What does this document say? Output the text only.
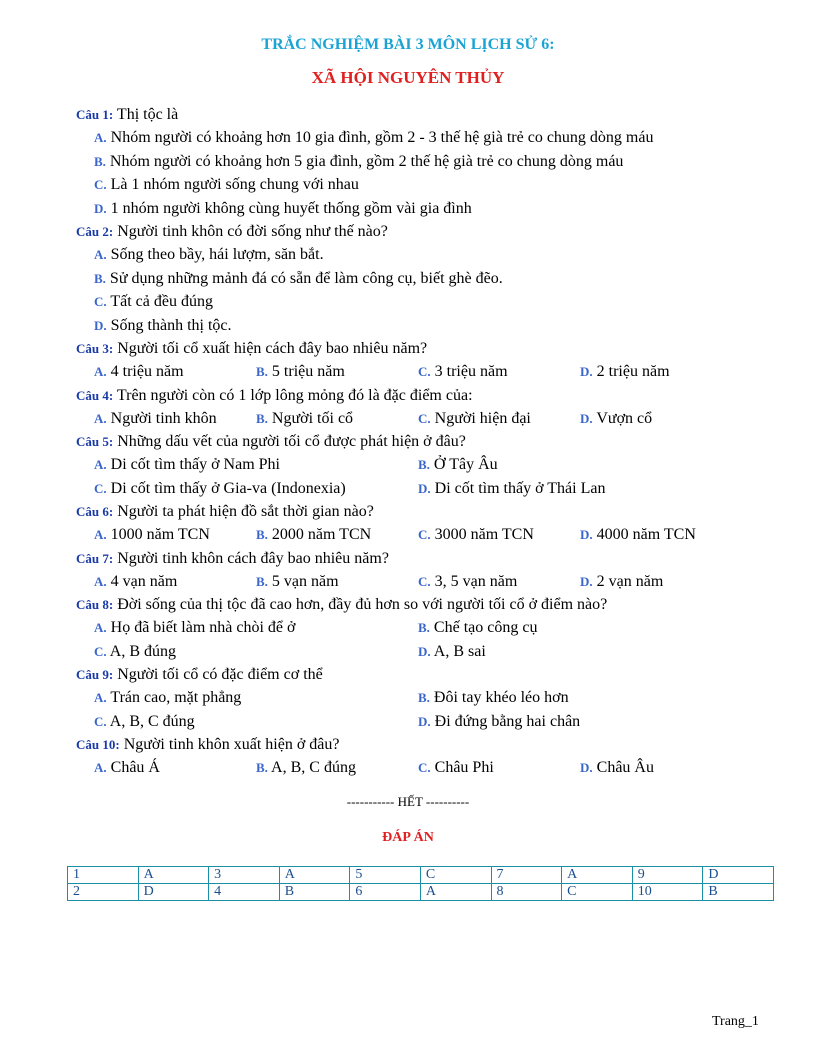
TRẮC NGHIỆM BÀI 3 MÔN LỊCH SỬ 6:
XÃ HỘI NGUYÊN THỦY
Câu 1: Thị tộc là
A. Nhóm người có khoảng hơn 10 gia đình, gồm 2 - 3 thế hệ già trẻ co chung dòng máu
B. Nhóm người có khoảng hơn 5 gia đình, gồm 2 thế hệ già trẻ co chung dòng máu
C. Là 1 nhóm người sống chung với nhau
D. 1 nhóm người không cùng huyết thống gồm vài gia đình
Câu 2: Người tinh khôn có đời sống như thế nào?
A. Sống theo bầy, hái lượm, săn bắt.
B. Sử dụng những mảnh đá có sẵn để làm công cụ, biết ghè đẽo.
C. Tất cả đều đúng
D. Sống thành thị tộc.
Câu 3: Người tối cổ xuất hiện cách đây bao nhiêu năm?
A. 4 triệu năm	B. 5 triệu năm	C. 3 triệu năm	D. 2 triệu năm
Câu 4: Trên người còn có 1 lớp lông mỏng đó là đặc điểm của:
A. Người tinh khôn	B. Người tối cổ	C. Người hiện đại	D. Vượn cổ
Câu 5: Những dấu vết của người tối cổ được phát hiện ở đâu?
A. Di cốt tìm thấy ở Nam Phi	B. Ở Tây Âu
C. Di cốt tìm thấy ở Gia-va (Indonexia)	D. Di cốt tìm thấy ở Thái Lan
Câu 6: Người ta phát hiện đồ sắt thời gian nào?
A. 1000 năm TCN	B. 2000 năm TCN	C. 3000 năm TCN	D. 4000 năm TCN
Câu 7: Người tinh khôn cách đây bao nhiêu năm?
A. 4 vạn năm	B. 5 vạn năm	C. 3, 5 vạn năm	D. 2 vạn năm
Câu 8: Đời sống của thị tộc đã cao hơn, đầy đủ hơn so với người tối cổ ở điểm nào?
A. Họ đã biết làm nhà chòi để ở	B. Chế tạo công cụ
C. A, B đúng	D. A, B sai
Câu 9: Người tối cổ có đặc điểm cơ thể
A. Trán cao, mặt phẳng	B. Đôi tay khéo léo hơn
C. A, B, C đúng	D. Đi đứng bằng hai chân
Câu 10: Người tinh khôn xuất hiện ở đâu?
A. Châu Á	B. A, B, C đúng	C. Châu Phi	D. Châu Âu
----------- HẾT ----------
ĐÁP ÁN
1	A	3	A	5	C	7	A	9	D
2	D	4	B	6	A	8	C	10	B
Trang_1
